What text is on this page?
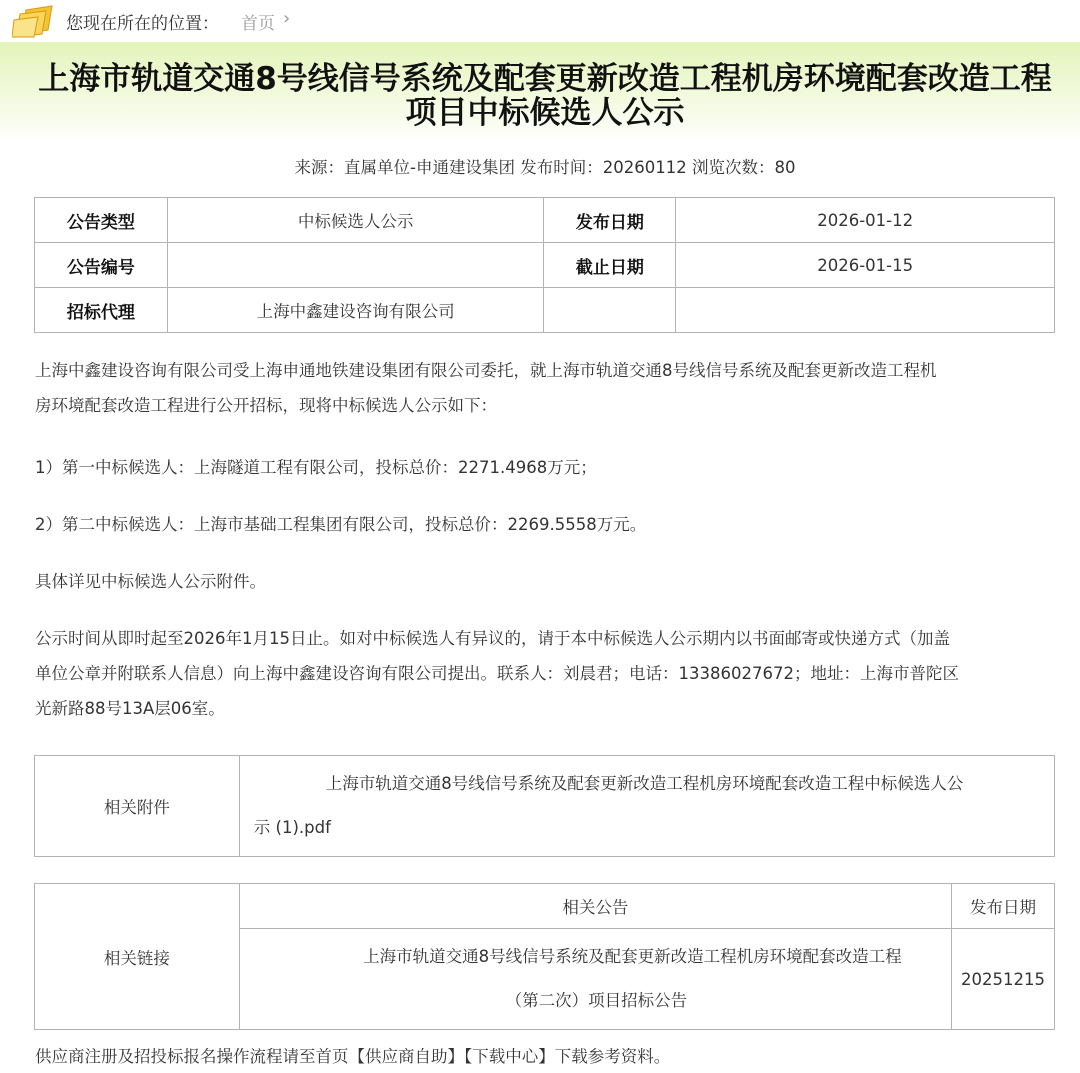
您现在所在的位置： 首页 ›
上海市轨道交通8号线信号系统及配套更新改造工程机房环境配套改造工程
项目中标候选人公示
来源：直属单位-申通建设集团 发布时间：20260112 浏览次数：80
公告类型	中标候选人公示	发布日期	2026-01-12
公告编号		截止日期	2026-01-15
招标代理	上海中鑫建设咨询有限公司		
上海中鑫建设咨询有限公司受上海申通地铁建设集团有限公司委托，就上海市轨道交通8号线信号系统及配套更新改造工程机
房环境配套改造工程进行公开招标，现将中标候选人公示如下：
1）第一中标候选人：上海隧道工程有限公司，投标总价：2271.4968万元；
2）第二中标候选人：上海市基础工程集团有限公司，投标总价：2269.5558万元。
具体详见中标候选人公示附件。
公示时间从即时起至2026年1月15日止。如对中标候选人有异议的，请于本中标候选人公示期内以书面邮寄或快递方式（加盖
单位公章并附联系人信息）向上海中鑫建设咨询有限公司提出。联系人：刘晨君；电话：13386027672；地址：上海市普陀区
光新路88号13A层06室。
相关附件	上海市轨道交通8号线信号系统及配套更新改造工程机房环境配套改造工程中标候选人公
示 (1).pdf
相关链接	相关公告	发布日期
	上海市轨道交通8号线信号系统及配套更新改造工程机房环境配套改造工程
（第二次）项目招标公告	20251215
供应商注册及招投标报名操作流程请至首页【供应商自助】【下载中心】下载参考资料。
